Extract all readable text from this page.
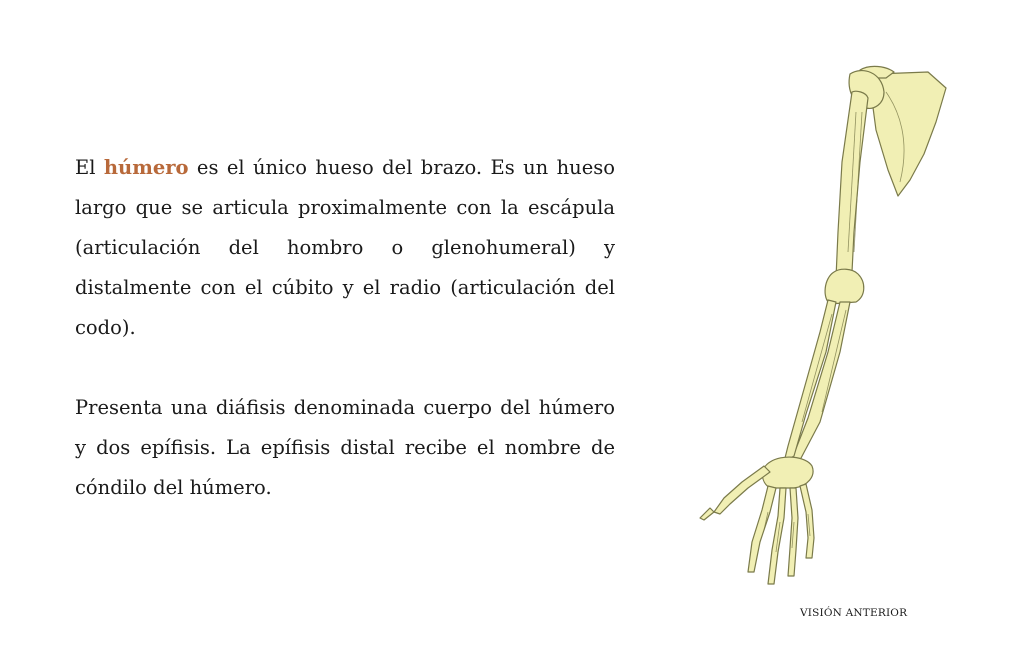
El húmero es el único hueso del brazo. Es un hueso largo que se articula proximalmente con la escápula (articulación del hombro o glenohumeral) y distalmente con el cúbito y el radio (articulación del codo).

Presenta una diáfisis denominada cuerpo del húmero y dos epífisis. La epífisis distal recibe el nombre de cóndilo del húmero.

VISIÓN ANTERIOR
